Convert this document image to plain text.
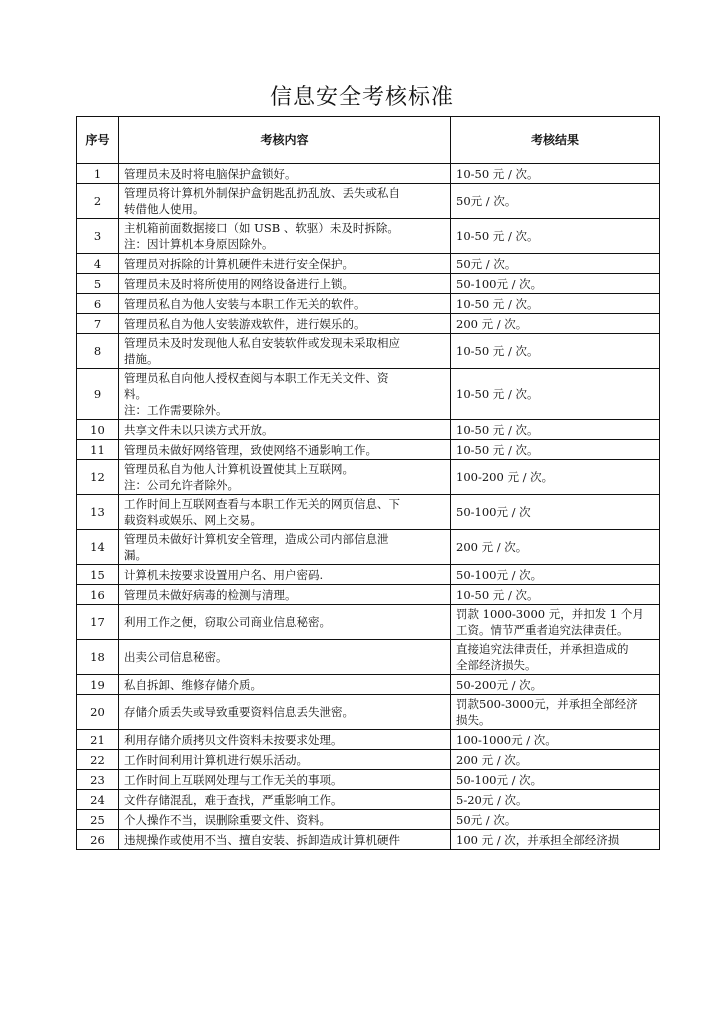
信息安全考核标准
序号	考核内容	考核结果
1	管理员未及时将电脑保护盒锁好。	10-50 元 / 次。

2	管理员将计算机外制保护盒钥匙乱扔乱放、丢失或私自
转借他人使用。	50元 / 次。

3	主机箱前面数据接口（如 USB 、软驱）未及时拆除。
注：因计算机本身原因除外。	10-50 元 / 次。

4	管理员对拆除的计算机硬件未进行安全保护。	50元 / 次。

5	管理员未及时将所使用的网络设备进行上锁。	50-100元 / 次。

6	管理员私自为他人安装与本职工作无关的软件。	10-50 元 / 次。

7	管理员私自为他人安装游戏软件，进行娱乐的。	200 元 / 次。

8	管理员未及时发现他人私自安装软件或发现未采取相应
措施。	10-50 元 / 次。

9	管理员私自向他人授权查阅与本职工作无关文件、资
料。
注：工作需要除外。	10-50 元 / 次。

10	共享文件未以只读方式开放。	10-50 元 / 次。

11	管理员未做好网络管理，致使网络不通影响工作。	10-50 元 / 次。

12	管理员私自为他人计算机设置使其上互联网。
注：公司允许者除外。	100-200 元 / 次。

13	工作时间上互联网查看与本职工作无关的网页信息、下
载资料或娱乐、网上交易。	50-100元 / 次

14	管理员未做好计算机安全管理，造成公司内部信息泄
漏。	200 元 / 次。

15	计算机未按要求设置用户名、用户密码.	50-100元 / 次。

16	管理员未做好病毒的检测与清理。	10-50 元 / 次。

17	利用工作之便，窃取公司商业信息秘密。	罚款 1000-3000 元，并扣发 1 个月
工资。情节严重者追究法律责任。

18	出卖公司信息秘密。	直接追究法律责任，并承担造成的
全部经济损失。

19	私自拆卸、维修存储介质。	50-200元 / 次。

20	存储介质丢失或导致重要资料信息丢失泄密。	罚款500-3000元，并承担全部经济
损失。

21	利用存储介质拷贝文件资料未按要求处理。	100-1000元 / 次。

22	工作时间利用计算机进行娱乐活动。	200 元 / 次。

23	工作时间上互联网处理与工作无关的事项。	50-100元 / 次。

24	文件存储混乱，难于查找，严重影响工作。	5-20元 / 次。

25	个人操作不当，误删除重要文件、资料。	50元 / 次。

26	违规操作或使用不当、擅自安装、拆卸造成计算机硬件	100 元 / 次，并承担全部经济损
